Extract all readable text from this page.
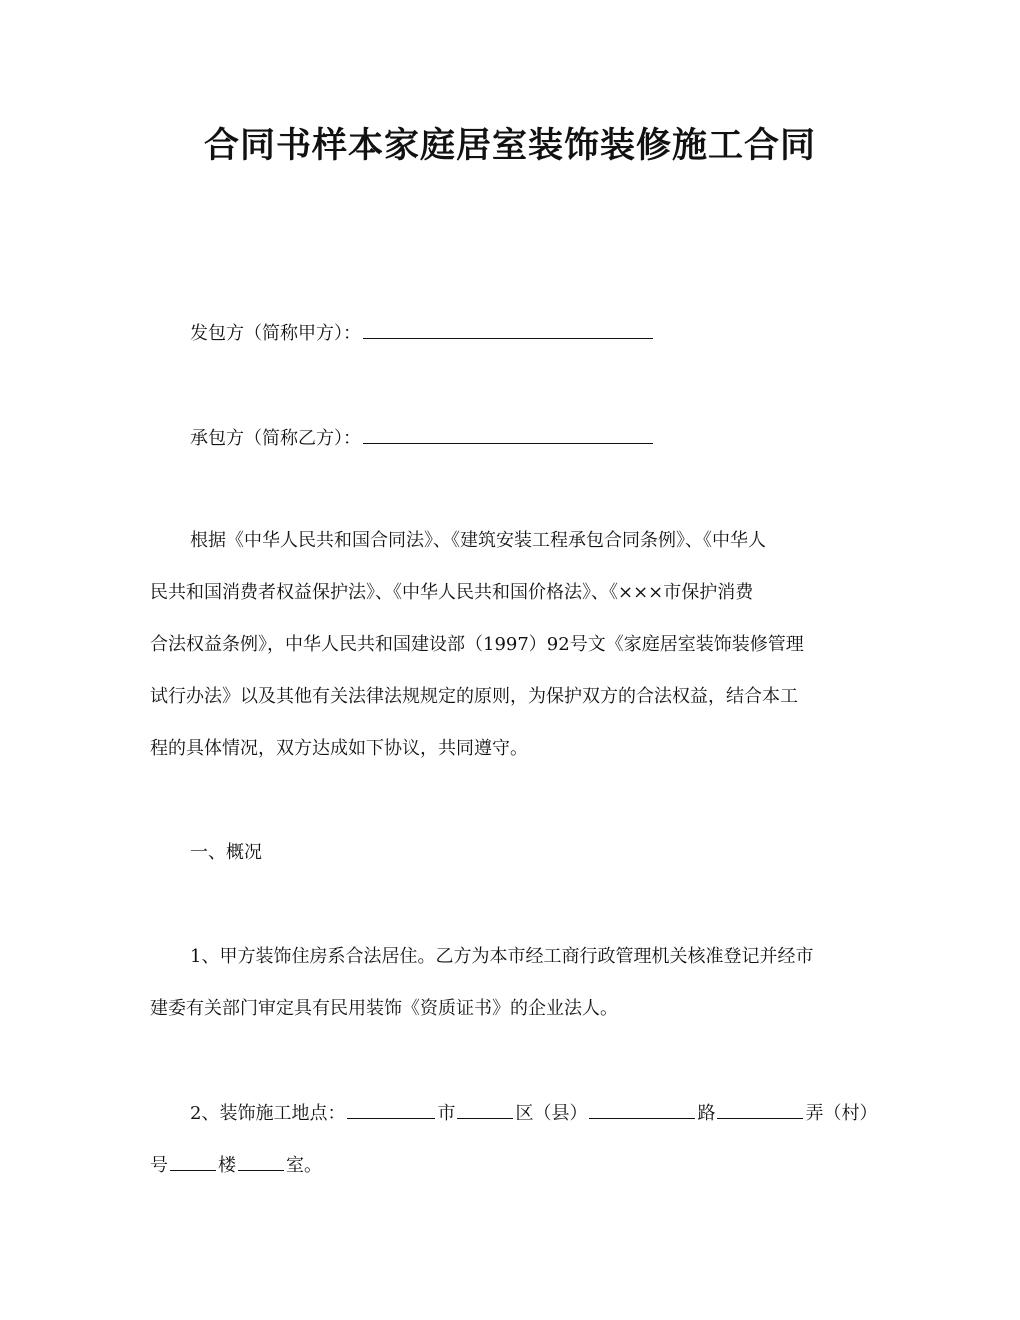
合同书样本家庭居室装饰装修施工合同
发包方（简称甲方）：
承包方（简称乙方）：
根据《中华人民共和国合同法》、《建筑安装工程承包合同条例》、《中华人
民共和国消费者权益保护法》、《中华人民共和国价格法》、《×××市保护消费
合法权益条例》，中华人民共和国建设部（1997）92号文《家庭居室装饰装修管理
试行办法》以及其他有关法律法规规定的原则，为保护双方的合法权益，结合本工
程的具体情况，双方达成如下协议，共同遵守。
一、概况
1、甲方装饰住房系合法居住。乙方为本市经工商行政管理机关核准登记并经市
建委有关部门审定具有民用装饰《资质证书》的企业法人。
2、装饰施工地点：	市	区（县）	路	弄（村）
号	楼	室。
